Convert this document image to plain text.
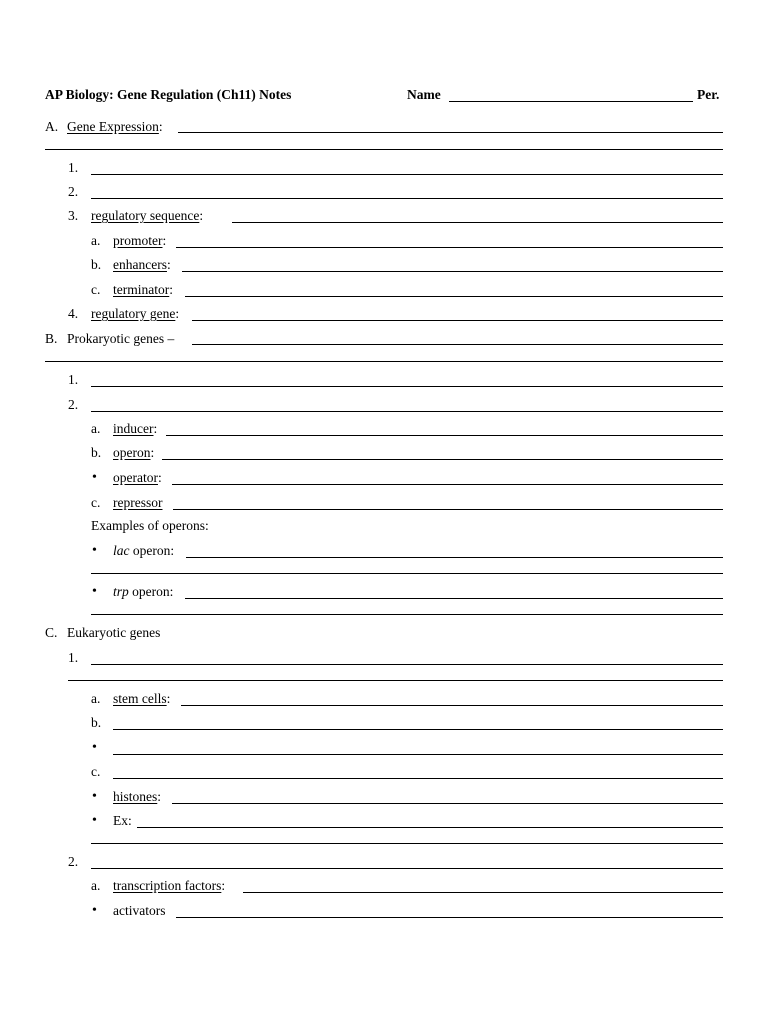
AP Biology: Gene Regulation (Ch11) Notes	Name	Per.
A. Gene Expression:
1.
2.
3. regulatory sequence:
a. promoter:
b. enhancers:
c. terminator:
4. regulatory gene:
B. Prokaryotic genes –
1.
2.
a. inducer:
b. operon:
• operator:
c. repressor
Examples of operons:
• lac operon:
• trp operon:
C. Eukaryotic genes
1.
a. stem cells:
b.
•
c.
• histones:
• Ex:
2.
a. transcription factors:
• activators
